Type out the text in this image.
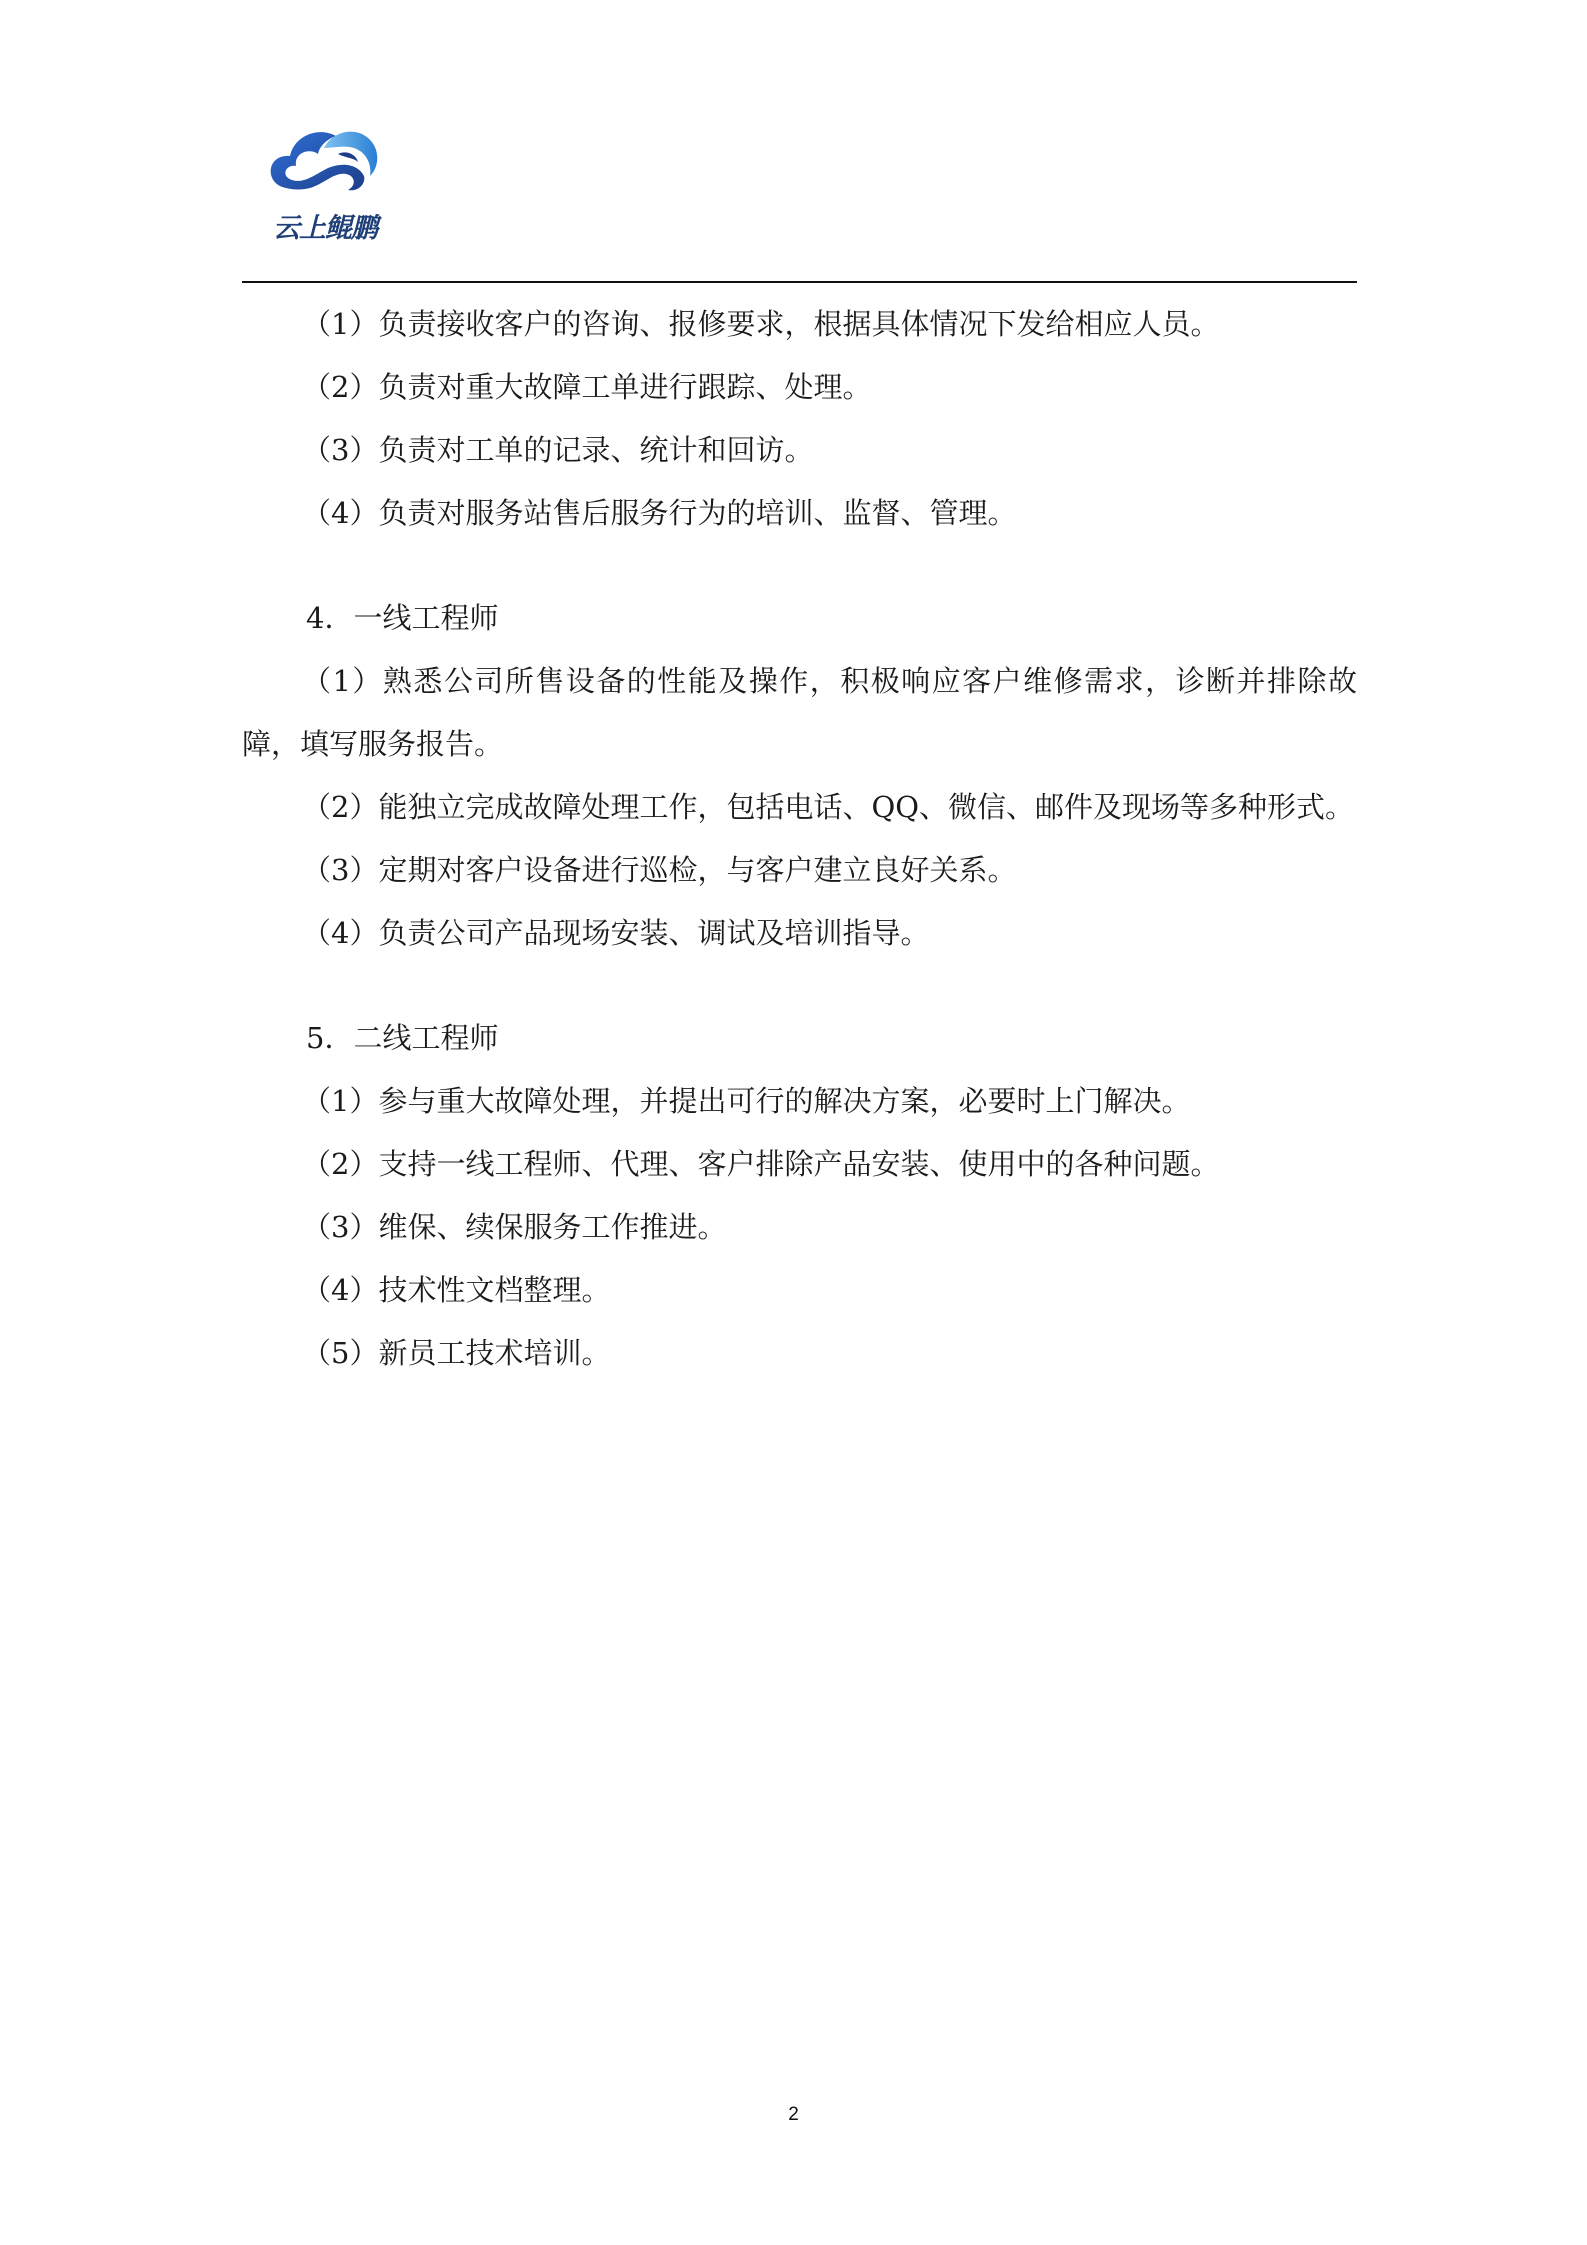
云上鲲鹏

（1）负责接收客户的咨询、报修要求，根据具体情况下发给相应人员。

（2）负责对重大故障工单进行跟踪、处理。

（3）负责对工单的记录、统计和回访。

（4）负责对服务站售后服务行为的培训、监督、管理。

4．一线工程师

（1）熟悉公司所售设备的性能及操作，积极响应客户维修需求，诊断并排除故障，填写服务报告。

（2）能独立完成故障处理工作，包括电话、QQ、微信、邮件及现场等多种形式。

（3）定期对客户设备进行巡检，与客户建立良好关系。

（4）负责公司产品现场安装、调试及培训指导。

5．二线工程师

（1）参与重大故障处理，并提出可行的解决方案，必要时上门解决。

（2）支持一线工程师、代理、客户排除产品安装、使用中的各种问题。

（3）维保、续保服务工作推进。

（4）技术性文档整理。

（5）新员工技术培训。

2
